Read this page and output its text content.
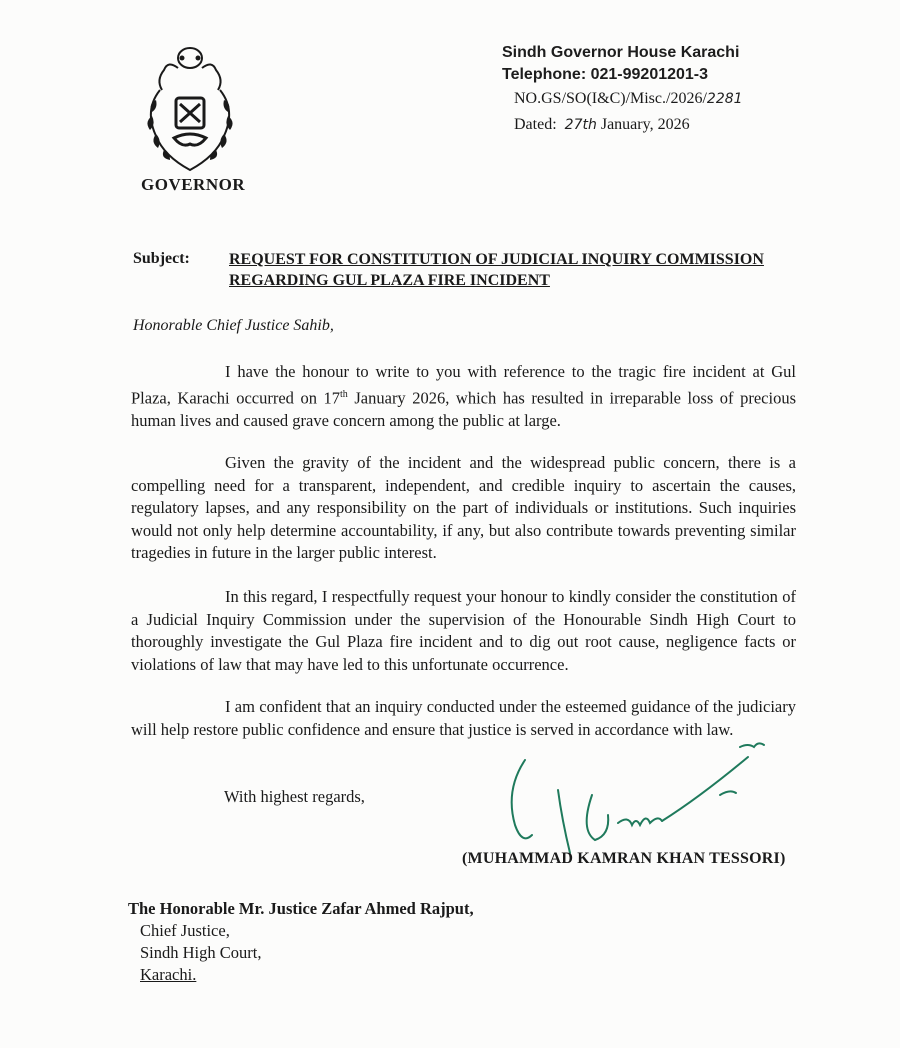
GOVERNOR
Sindh Governor House Karachi
Telephone: 021-99201201-3
NO.GS/SO(I&C)/Misc./2026/2281
Dated: 27th January, 2026
Subject: REQUEST FOR CONSTITUTION OF JUDICIAL INQUIRY COMMISSION
REGARDING GUL PLAZA FIRE INCIDENT
Honorable Chief Justice Sahib,

I have the honour to write to you with reference to the tragic fire incident at Gul Plaza, Karachi occurred on 17th January 2026, which has resulted in irreparable loss of precious human lives and caused grave concern among the public at large.

Given the gravity of the incident and the widespread public concern, there is a compelling need for a transparent, independent, and credible inquiry to ascertain the causes, regulatory lapses, and any responsibility on the part of individuals or institutions. Such inquiries would not only help determine accountability, if any, but also contribute towards preventing similar tragedies in future in the larger public interest.

In this regard, I respectfully request your honour to kindly consider the constitution of a Judicial Inquiry Commission under the supervision of the Honourable Sindh High Court to thoroughly investigate the Gul Plaza fire incident and to dig out root cause, negligence facts or violations of law that may have led to this unfortunate occurrence.

I am confident that an inquiry conducted under the esteemed guidance of the judiciary will help restore public confidence and ensure that justice is served in accordance with law.

With highest regards,
(MUHAMMAD KAMRAN KHAN TESSORI)
The Honorable Mr. Justice Zafar Ahmed Rajput,
Chief Justice,
Sindh High Court,
Karachi.
